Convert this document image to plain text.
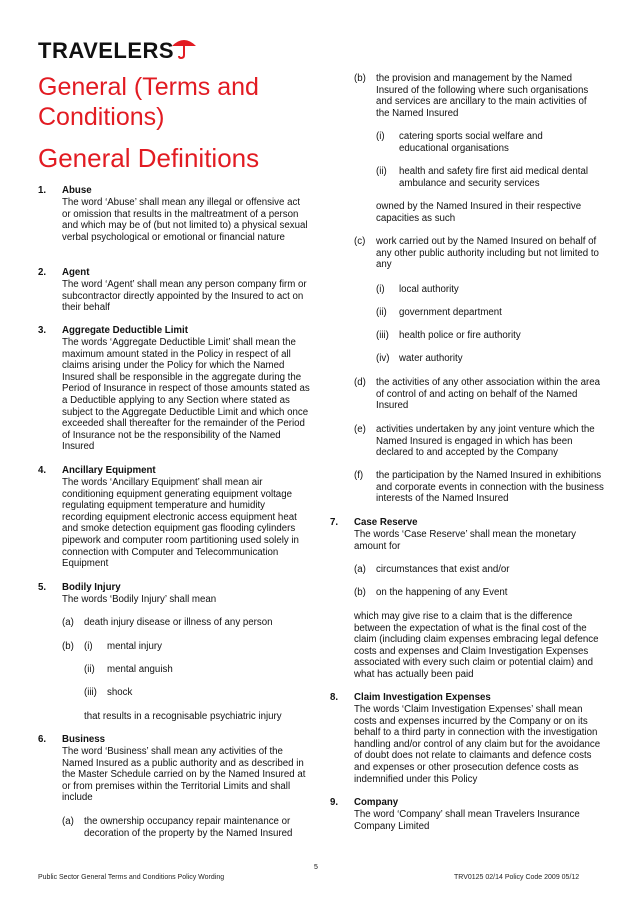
TRAVELERS
General (Terms and Conditions)
General Definitions
1. Abuse
The word ‘Abuse’ shall mean any illegal or offensive act or omission that results in the maltreatment of a person and which may be of (but not limited to) a physical sexual verbal psychological or emotional or financial nature
2. Agent
The word ‘Agent’ shall mean any person company firm or subcontractor directly appointed by the Insured to act on their behalf
3. Aggregate Deductible Limit
The words ‘Aggregate Deductible Limit’ shall mean the maximum amount stated in the Policy in respect of all claims arising under the Policy for which the Named Insured shall be responsible in the aggregate during the Period of Insurance in respect of those amounts stated as a Deductible applying to any Section where stated as subject to the Aggregate Deductible Limit and which once exceeded shall thereafter for the remainder of the Period of Insurance not be the responsibility of the Named Insured
4. Ancillary Equipment
The words ‘Ancillary Equipment’ shall mean air conditioning equipment generating equipment voltage regulating equipment temperature and humidity recording equipment electronic access equipment heat and smoke detection equipment gas flooding cylinders pipework and computer room partitioning used solely in connection with Computer and Telecommunication Equipment
5. Bodily Injury
The words ‘Bodily Injury’ shall mean
(a) death injury disease or illness of any person
(b) (i) mental injury
(ii) mental anguish
(iii) shock
that results in a recognisable psychiatric injury
6. Business
The word ‘Business’ shall mean any activities of the Named Insured as a public authority and as described in the Master Schedule carried on by the Named Insured at or from premises within the Territorial Limits and shall include
(a) the ownership occupancy repair maintenance or decoration of the property by the Named Insured
(b) the provision and management by the Named Insured of the following where such organisations and services are ancillary to the main activities of the Named Insured
(i) catering sports social welfare and educational organisations
(ii) health and safety fire first aid medical dental ambulance and security services
owned by the Named Insured in their respective capacities as such
(c) work carried out by the Named Insured on behalf of any other public authority including but not limited to any
(i) local authority
(ii) government department
(iii) health police or fire authority
(iv) water authority
(d) the activities of any other association within the area of control of and acting on behalf of the Named Insured
(e) activities undertaken by any joint venture which the Named Insured is engaged in which has been declared to and accepted by the Company
(f) the participation by the Named Insured in exhibitions and corporate events in connection with the business interests of the Named Insured
7. Case Reserve
The words ‘Case Reserve’ shall mean the monetary amount for
(a) circumstances that exist and/or
(b) on the happening of any Event
which may give rise to a claim that is the difference between the expectation of what is the final cost of the claim (including claim expenses embracing legal defence costs and expenses and Claim Investigation Expenses associated with every such claim or potential claim) and what has actually been paid
8. Claim Investigation Expenses
The words ‘Claim Investigation Expenses’ shall mean costs and expenses incurred by the Company or on its behalf to a third party in connection with the investigation handling and/or control of any claim but for the avoidance of doubt does not relate to claimants and defence costs and expenses or other prosecution defence costs as indemnified under this Policy
9. Company
The word ‘Company’ shall mean Travelers Insurance Company Limited
5
Public Sector General Terms and Conditions Policy Wording	TRV0125 02/14 Policy Code 2009 05/12
